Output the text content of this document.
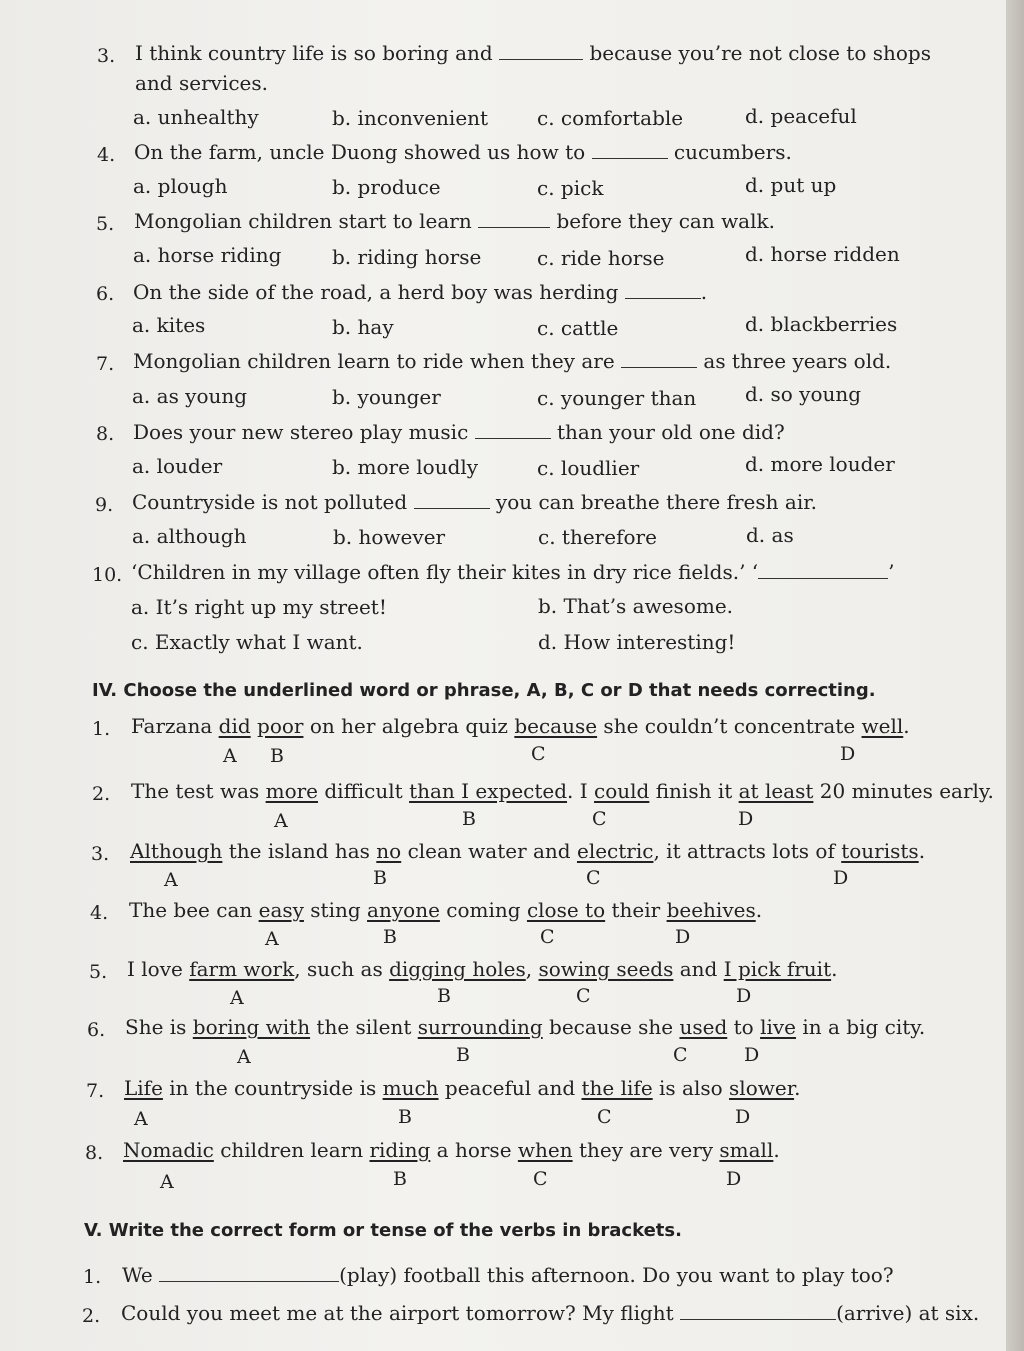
3. I think country life is so boring and	because you’re not close to shops
and services.
a. unhealthy	b. inconvenient c. comfortable	d. peaceful
4. On the farm, uncle Duong showed us how to	cucumbers.
a. plough	b. produce	c. pick	d. put up
5. Mongolian children start to learn	before they can walk.
a. horse riding	b. riding horse	c. ride horse	d. horse ridden
6. On the side of the road, a herd boy was herding	.
a. kites	b. hay	c. cattle	d. blackberries
7. Mongolian children learn to ride when they are	as three years old.
a. as young	b. younger	c. younger than d. so young
8. Does your new stereo play music	than your old one did?
a. louder	b. more loudly	c. loudlier	d. more louder
9. Countryside is not polluted	you can breathe there fresh air.
a. although	b. however	c. therefore	d. as
10. ‘Children in my village often fly their kites in dry rice fields.’ ‘	’
a. It’s right up my street!	b. That’s awesome.
c. Exactly what I want.	d. How interesting!
IV. Choose the underlined word or phrase, A, B, C or D that needs correcting.
1. Farzana did poor on her algebra quiz because she couldn’t concentrate well.
A B	C	D
2. The test was more difficult than I expected. I could finish it at least 20 minutes early.
A	B	C	D
3. Although the island has no clean water and electric, it attracts lots of tourists.
A	B	C	D
4. The bee can easy sting anyone coming close to their beehives.
A	B	C	D
5. I love farm work, such as digging holes, sowing seeds and I pick fruit.
A	B	C	D
6. She is boring with the silent surrounding because she used to live in a big city.
A	B	C	D
7. Life in the countryside is much peaceful and the life is also slower.
A	B	C	D
8. Nomadic children learn riding a horse when they are very small.
A	B	C	D
V. Write the correct form or tense of the verbs in brackets.
1. We	(play) football this afternoon. Do you want to play too?
2. Could you meet me at the airport tomorrow? My flight	(arrive) at six.
